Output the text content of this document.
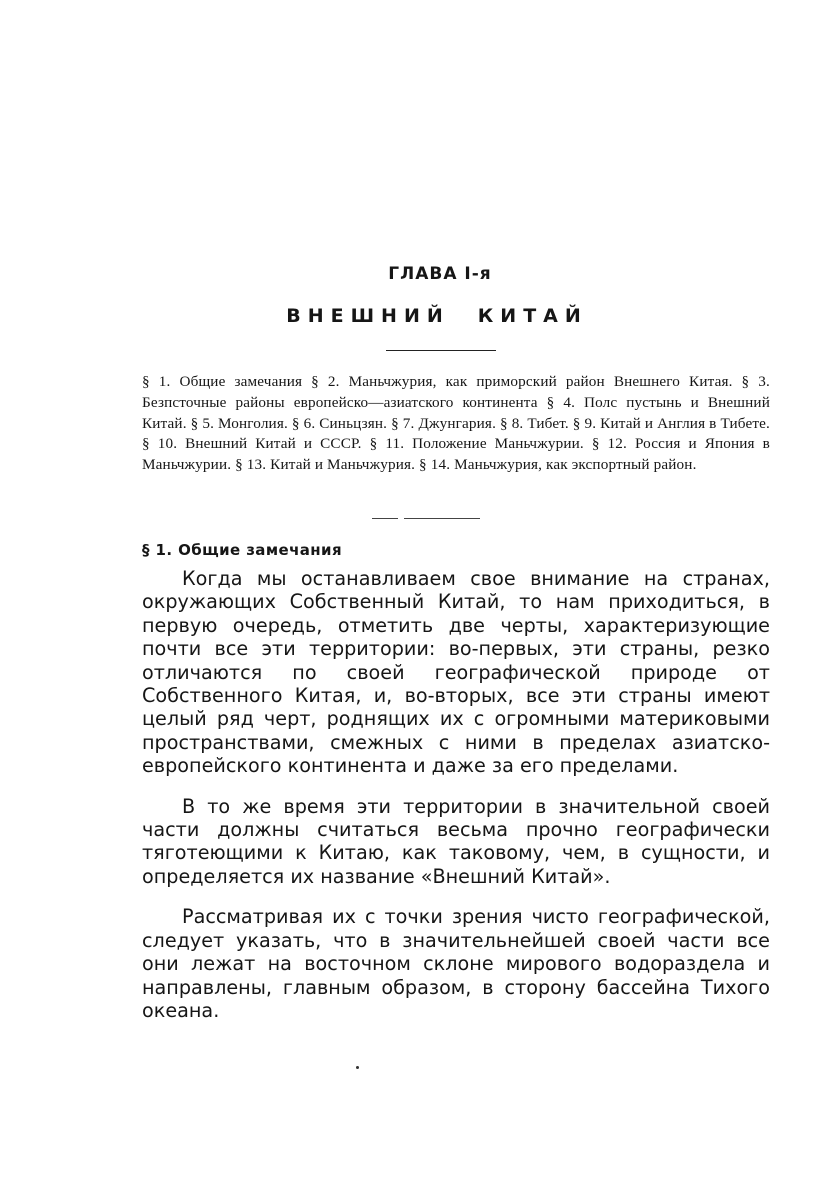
ГЛАВА I-я
ВНЕШНИЙ КИТАЙ
§ 1. Общие замечания § 2. Маньчжурия, как приморский район Внешнего Китая. § 3. Безпсточные районы европейско—азиатского континента § 4. Полс пустынь и Внешний Китай. § 5. Монголия. § 6. Синьцзян. § 7. Джунгария. § 8. Тибет. § 9. Китай и Англия в Тибете. § 10. Внешний Китай и СССР. § 11. Положение Маньчжурии. § 12. Россия и Япония в Маньчжурии. § 13. Китай и Маньчжурия. § 14. Маньчжурия, как экспортный район.
§ 1. Общие замечания

Когда мы останавливаем свое внимание на странах, окружающих Собственный Китай, то нам приходиться, в первую очередь, отметить две черты, характеризующие почти все эти территории: во-первых, эти страны, резко отличаются по своей географической природе от Собственного Китая, и, во-вторых, все эти страны имеют целый ряд черт, роднящих их с огромными материковыми пространствами, смежных с ними в пределах азиатско-европейского континента и даже за его пределами.

В то же время эти территории в значительной своей части должны считаться весьма прочно географически тяготеющими к Китаю, как таковому, чем, в сущности, и определяется их название «Внешний Китай».

Рассматривая их с точки зрения чисто географической, следует указать, что в значительнейшей своей части все они лежат на восточном склоне мирового водораздела и направлены, главным образом, в сторону бассейна Тихого океана.
